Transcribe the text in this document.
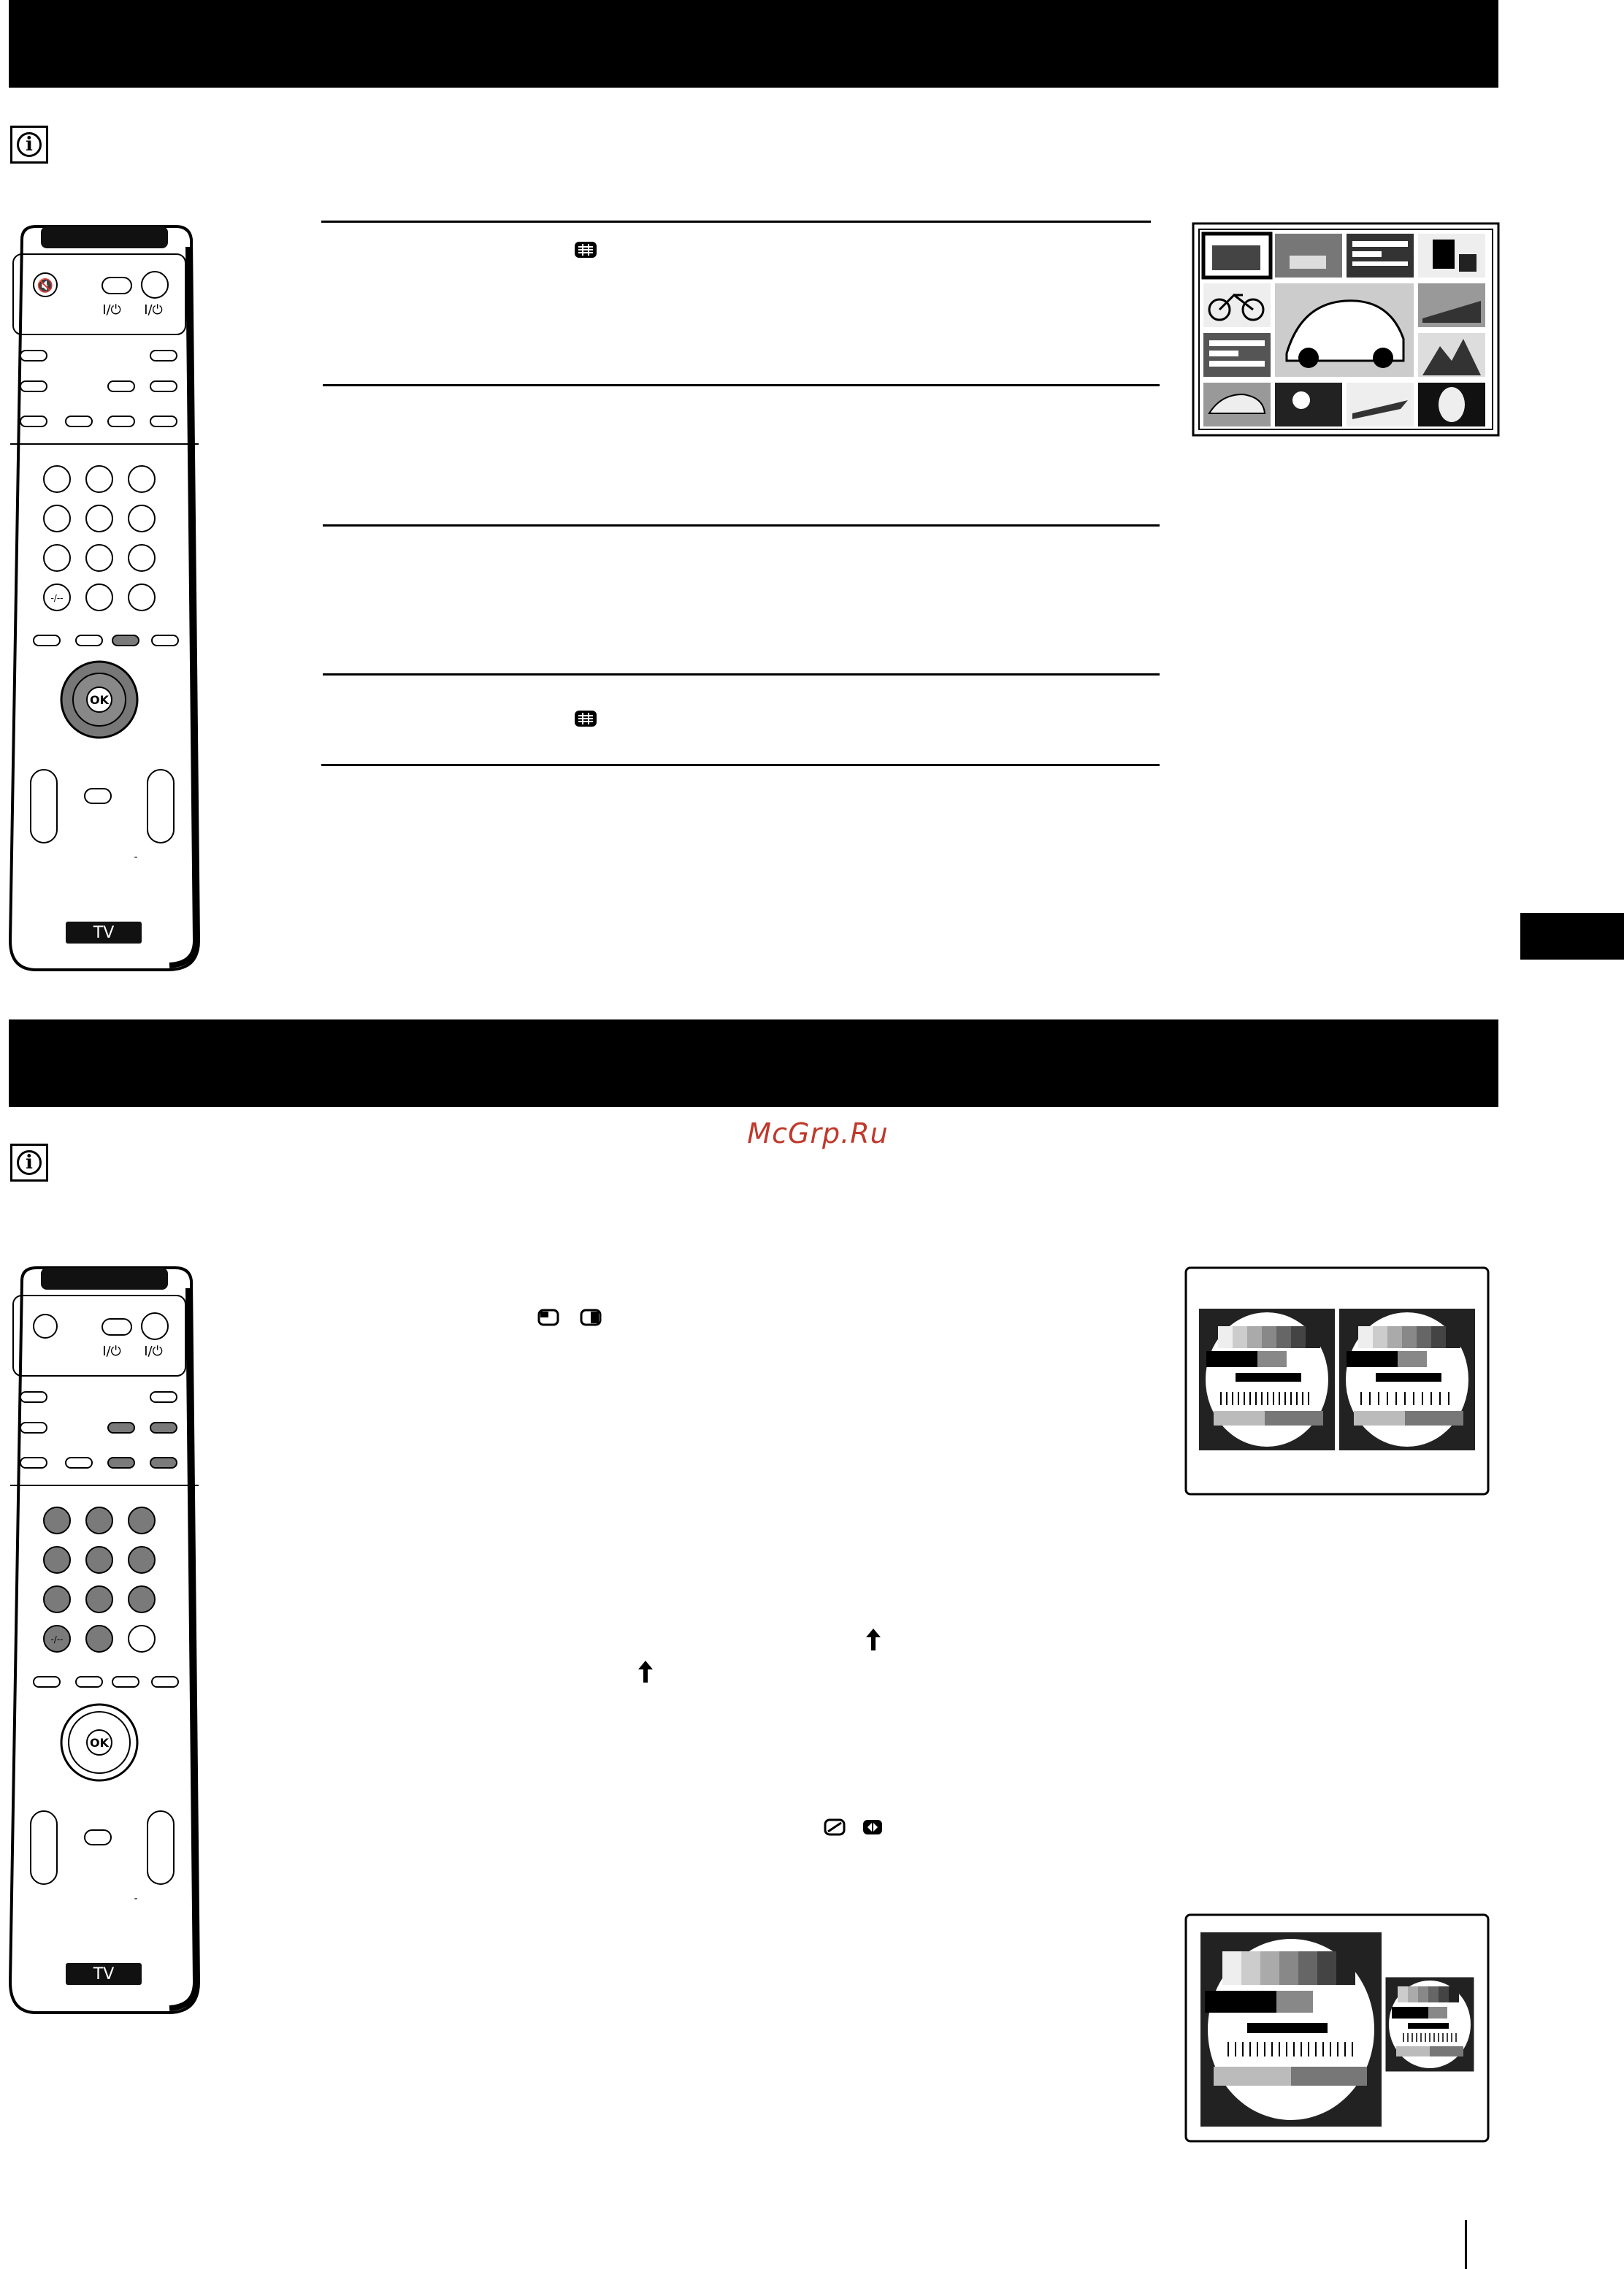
i
🔇
I/⏻ I/⏻
-/--
OK
-
TV
McGrp.Ru
i
I/⏻ I/⏻
-/--
OK
-
TV
